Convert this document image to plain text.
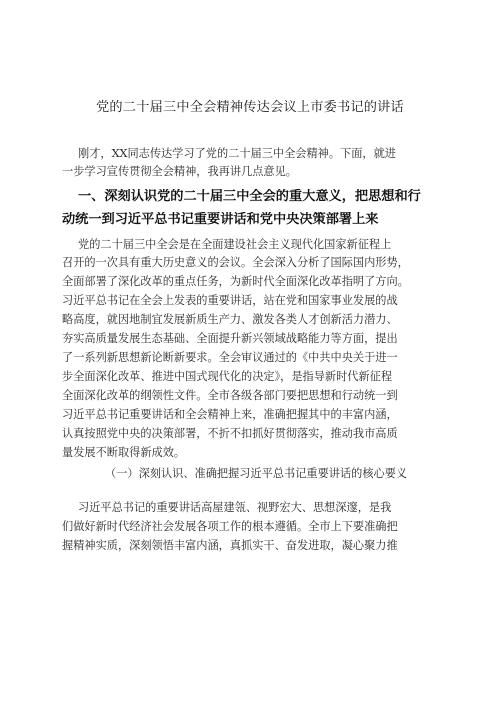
党的二十届三中全会精神传达会议上市委书记的讲话
刚才，XX同志传达学习了党的二十届三中全会精神。下面，就进
一步学习宣传贯彻全会精神，我再讲几点意见。
一、深刻认识党的二十届三中全会的重大意义，把思想和行
动统一到习近平总书记重要讲话和党中央决策部署上来
党的二十届三中全会是在全面建设社会主义现代化国家新征程上
召开的一次具有重大历史意义的会议。全会深入分析了国际国内形势，
全面部署了深化改革的重点任务，为新时代全面深化改革指明了方向。
习近平总书记在全会上发表的重要讲话，站在党和国家事业发展的战
略高度，就因地制宜发展新质生产力、激发各类人才创新活力潜力、
夯实高质量发展生态基础、全面提升新兴领域战略能力等方面，提出
了一系列新思想新论断新要求。全会审议通过的《中共中央关于进一
步全面深化改革、推进中国式现代化的决定》，是指导新时代新征程
全面深化改革的纲领性文件。全市各级各部门要把思想和行动统一到
习近平总书记重要讲话和全会精神上来，准确把握其中的丰富内涵，
认真按照党中央的决策部署，不折不扣抓好贯彻落实，推动我市高质
量发展不断取得新成效。
（一）深刻认识、准确把握习近平总书记重要讲话的核心要义
习近平总书记的重要讲话高屋建瓴、视野宏大、思想深邃，是我
们做好新时代经济社会发展各项工作的根本遵循。全市上下要准确把
握精神实质，深刻领悟丰富内涵，真抓实干、奋发进取，凝心聚力推
